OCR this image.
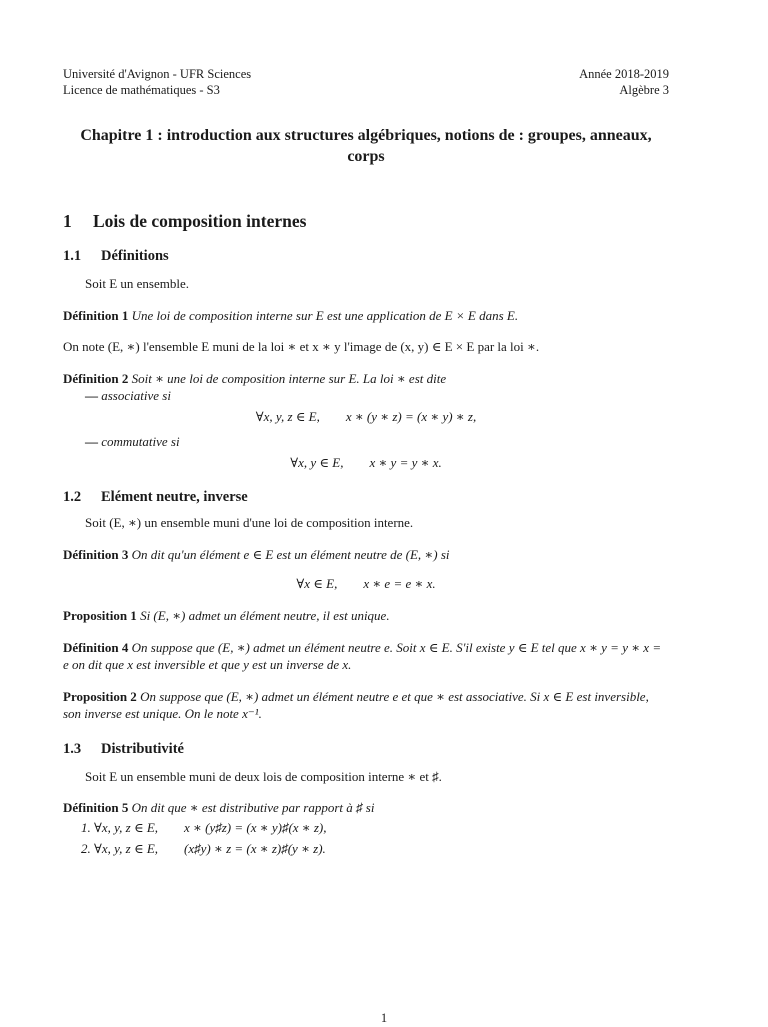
Université d'Avignon - UFR Sciences
Licence de mathématiques - S3
Année 2018-2019
Algèbre 3
Chapitre 1 : introduction aux structures algébriques, notions de : groupes, anneaux, corps
1 Lois de composition internes
1.1 Définitions

Soit E un ensemble.

Définition 1 Une loi de composition interne sur E est une application de E × E dans E.

On note (E, ∗) l'ensemble E muni de la loi ∗ et x ∗ y l'image de (x, y) ∈ E × E par la loi ∗.

Définition 2 Soit ∗ une loi de composition interne sur E. La loi ∗ est dite

— associative si

∀x, y, z ∈ E,        x ∗ (y ∗ z) = (x ∗ y) ∗ z,

— commutative si

∀x, y ∈ E,        x ∗ y = y ∗ x.

1.2 Elément neutre, inverse

Soit (E, ∗) un ensemble muni d'une loi de composition interne.

Définition 3 On dit qu'un élément e ∈ E est un élément neutre de (E, ∗) si

∀x ∈ E,        x ∗ e = e ∗ x.

Proposition 1 Si (E, ∗) admet un élément neutre, il est unique.

Définition 4 On suppose que (E, ∗) admet un élément neutre e. Soit x ∈ E. S'il existe y ∈ E tel que x ∗ y = y ∗ x = e on dit que x est inversible et que y est un inverse de x.

Proposition 2 On suppose que (E, ∗) admet un élément neutre e et que ∗ est associative. Si x ∈ E est inversible, son inverse est unique. On le note x⁻¹.

1.3 Distributivité

Soit E un ensemble muni de deux lois de composition interne ∗ et ♯.

Définition 5 On dit que ∗ est distributive par rapport à ♯ si

1. ∀x, y, z ∈ E,        x ∗ (y♯z) = (x ∗ y)♯(x ∗ z),

2. ∀x, y, z ∈ E,        (x♯y) ∗ z = (x ∗ z)♯(y ∗ z).

1
